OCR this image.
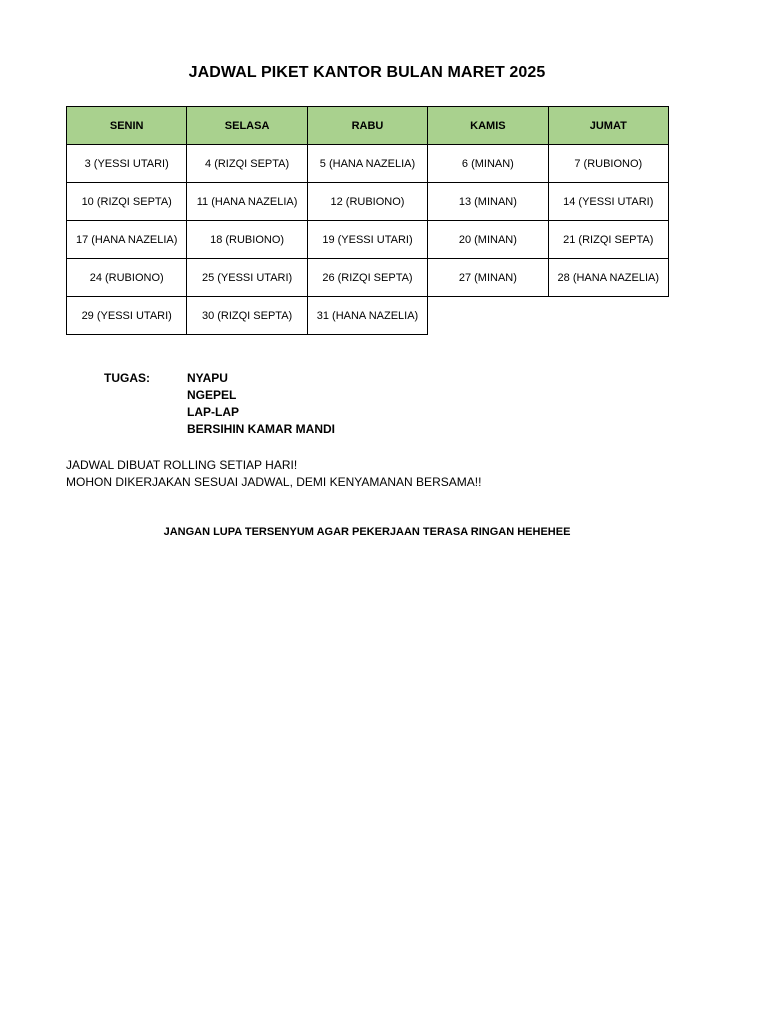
JADWAL PIKET KANTOR BULAN MARET 2025
SENIN	SELASA	RABU	KAMIS	JUMAT
3 (YESSI UTARI)	4 (RIZQI SEPTA)	5 (HANA NAZELIA)	6 (MINAN)	7 (RUBIONO)
10 (RIZQI SEPTA)	11 (HANA NAZELIA)	12 (RUBIONO)	13 (MINAN)	14 (YESSI UTARI)
17 (HANA NAZELIA)	18 (RUBIONO)	19 (YESSI UTARI)	20 (MINAN)	21 (RIZQI SEPTA)
24 (RUBIONO)	25 (YESSI UTARI)	26 (RIZQI SEPTA)	27 (MINAN)	28 (HANA NAZELIA)
29 (YESSI UTARI)	30 (RIZQI SEPTA)	31 (HANA NAZELIA)		
TUGAS:	NYAPU
NGEPEL
LAP-LAP
BERSIHIN KAMAR MANDI
JADWAL DIBUAT ROLLING SETIAP HARI!
MOHON DIKERJAKAN SESUAI JADWAL, DEMI KENYAMANAN BERSAMA!!
JANGAN LUPA TERSENYUM AGAR PEKERJAAN TERASA RINGAN HEHEHEE
